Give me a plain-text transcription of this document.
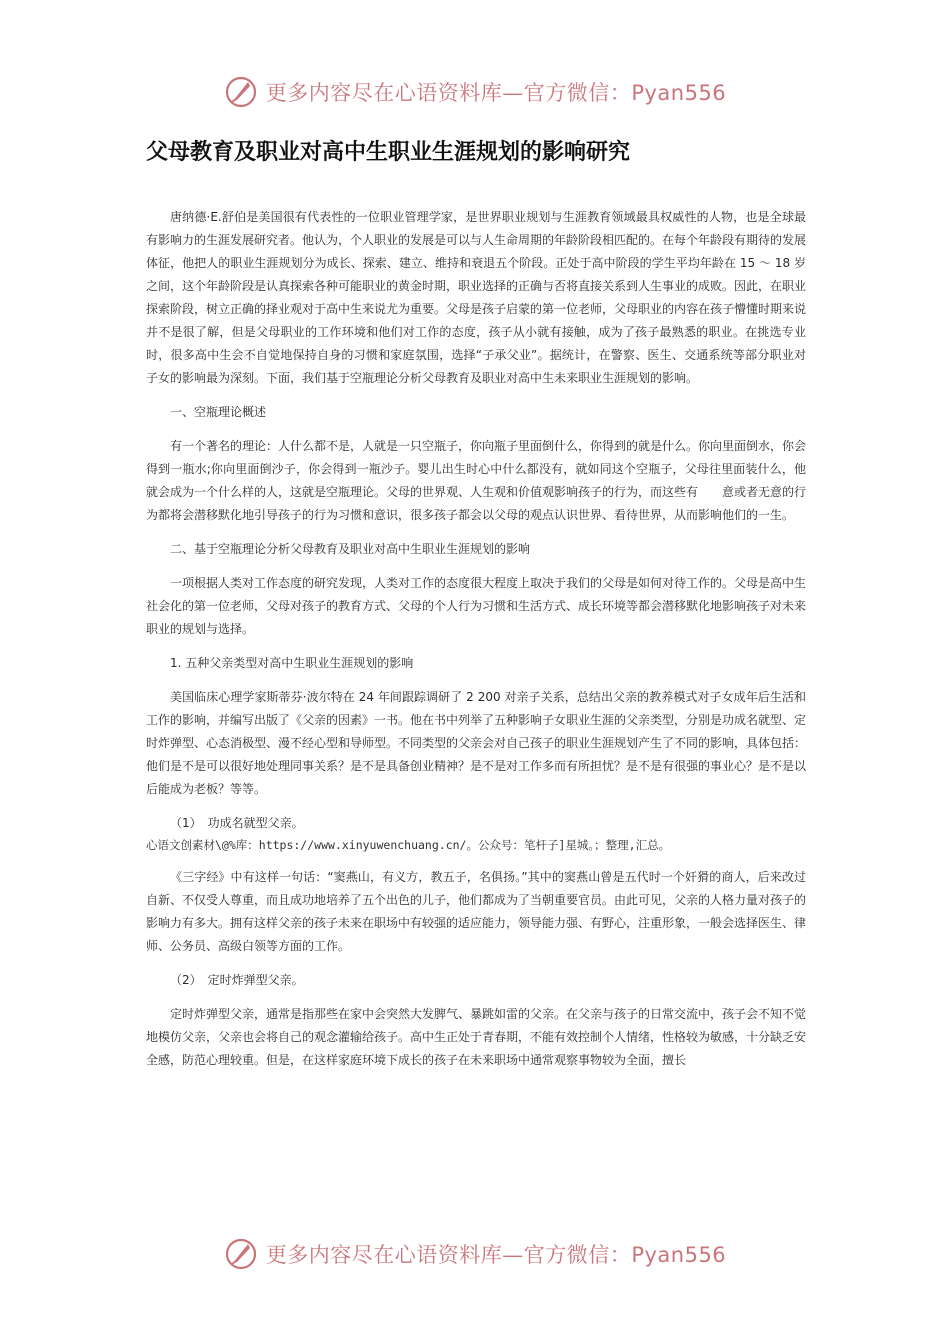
更多内容尽在心语资料库—官方微信：Pyan556
父母教育及职业对高中生职业生涯规划的影响研究

唐纳德·E.舒伯是美国很有代表性的一位职业管理学家，是世界职业规划与生涯教育领域最具权威性的人物，也是全球最有影响力的生涯发展研究者。他认为，个人职业的发展是可以与人生命周期的年龄阶段相匹配的。在每个年龄段有期待的发展体征，他把人的职业生涯规划分为成长、探索、建立、维持和衰退五个阶段。正处于高中阶段的学生平均年龄在 15 ～ 18 岁之间，这个年龄阶段是认真探索各种可能职业的黄金时期，职业选择的正确与否将直接关系到人生事业的成败。因此，在职业探索阶段，树立正确的择业观对于高中生来说尤为重要。父母是孩子启蒙的第一位老师，父母职业的内容在孩子懵懂时期来说并不是很了解，但是父母职业的工作环境和他们对工作的态度，孩子从小就有接触，成为了孩子最熟悉的职业。在挑选专业时，很多高中生会不自觉地保持自身的习惯和家庭氛围，选择“子承父业”。据统计，在警察、医生、交通系统等部分职业对子女的影响最为深刻。下面，我们基于空瓶理论分析父母教育及职业对高中生未来职业生涯规划的影响。

一、空瓶理论概述

有一个著名的理论：人什么都不是，人就是一只空瓶子，你向瓶子里面倒什么，你得到的就是什么。你向里面倒水，你会得到一瓶水;你向里面倒沙子，你会得到一瓶沙子。婴儿出生时心中什么都没有，就如同这个空瓶子，父母往里面装什么，他就会成为一个什么样的人，这就是空瓶理论。父母的世界观、人生观和价值观影响孩子的行为，而这些有　　意或者无意的行为都将会潜移默化地引导孩子的行为习惯和意识，很多孩子都会以父母的观点认识世界、看待世界，从而影响他们的一生。

二、基于空瓶理论分析父母教育及职业对高中生职业生涯规划的影响

一项根据人类对工作态度的研究发现，人类对工作的态度很大程度上取决于我们的父母是如何对待工作的。父母是高中生社会化的第一位老师，父母对孩子的教育方式、父母的个人行为习惯和生活方式、成长环境等都会潜移默化地影响孩子对未来职业的规划与选择。

1. 五种父亲类型对高中生职业生涯规划的影响

美国临床心理学家斯蒂芬·波尔特在 24 年间跟踪调研了 2 200 对亲子关系，总结出父亲的教养模式对子女成年后生活和工作的影响，并编写出版了《父亲的因素》一书。他在书中列举了五种影响子女职业生涯的父亲类型，分别是功成名就型、定时炸弹型、心态消极型、漫不经心型和导师型。不同类型的父亲会对自己孩子的职业生涯规划产生了不同的影响，具体包括：他们是不是可以很好地处理同事关系？是不是具备创业精神？是不是对工作多而有所担忧？是不是有很强的事业心？是不是以后能成为老板？等等。

（1）　功成名就型父亲。

心语文创素材\@%库：https://www.xinyuwenchuang.cn/。公众号：笔杆子]星城。；整理,汇总。

《三字经》中有这样一句话：“窦燕山，有义方，教五子，名俱扬。”其中的窦燕山曾是五代时一个奸猾的商人，后来改过自新、不仅受人尊重，而且成功地培养了五个出色的儿子，他们都成为了当朝重要官员。由此可见，父亲的人格力量对孩子的影响力有多大。拥有这样父亲的孩子未来在职场中有较强的适应能力，领导能力强、有野心，注重形象，一般会选择医生、律师、公务员、高级白领等方面的工作。

（2）　定时炸弹型父亲。

定时炸弹型父亲，通常是指那些在家中会突然大发脾气、暴跳如雷的父亲。在父亲与孩子的日常交流中，孩子会不知不觉地模仿父亲，父亲也会将自己的观念灌输给孩子。高中生正处于青春期，不能有效控制个人情绪，性格较为敏感，十分缺乏安全感，防范心理较重。但是，在这样家庭环境下成长的孩子在未来职场中通常观察事物较为全面，擅长

更多内容尽在心语资料库—官方微信：Pyan556
